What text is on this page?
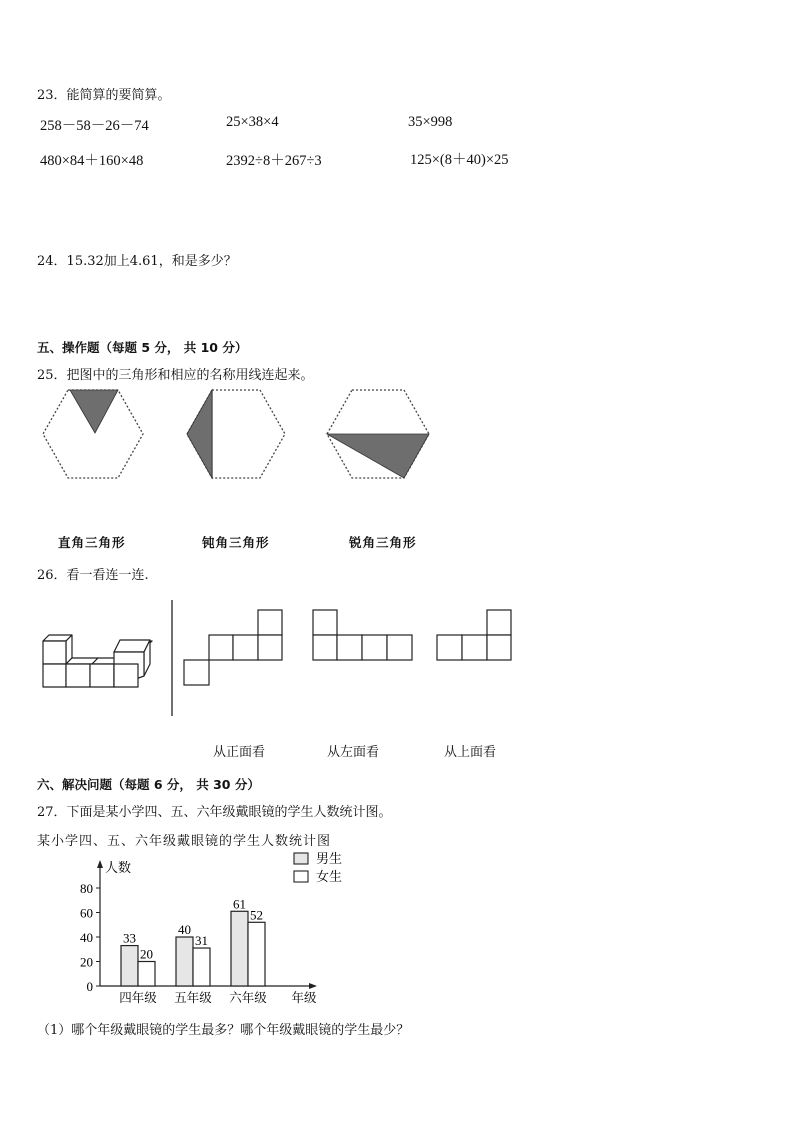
23．能简算的要简算。
258－58－26－74	25×38×4	35×998
480×84＋160×48	2392÷8＋267÷3	125×(8＋40)×25
24．15.32加上4.61，和是多少？
五、操作题（每题 5 分， 共 10 分）
25．把图中的三角形和相应的名称用线连起来。
直角三角形	钝角三角形	锐角三角形
26．看一看连一连.
从正面看	从左面看	从上面看
六、解决问题（每题 6 分， 共 30 分）
27．下面是某小学四、五、六年级戴眼镜的学生人数统计图。
某小学四、五、六年级戴眼镜的学生人数统计图
人数
0
20
40
60
80
33
20
四年级
40
31
五年级
61
52
六年级 年级
男生
女生
（1）哪个年级戴眼镜的学生最多？哪个年级戴眼镜的学生最少？
